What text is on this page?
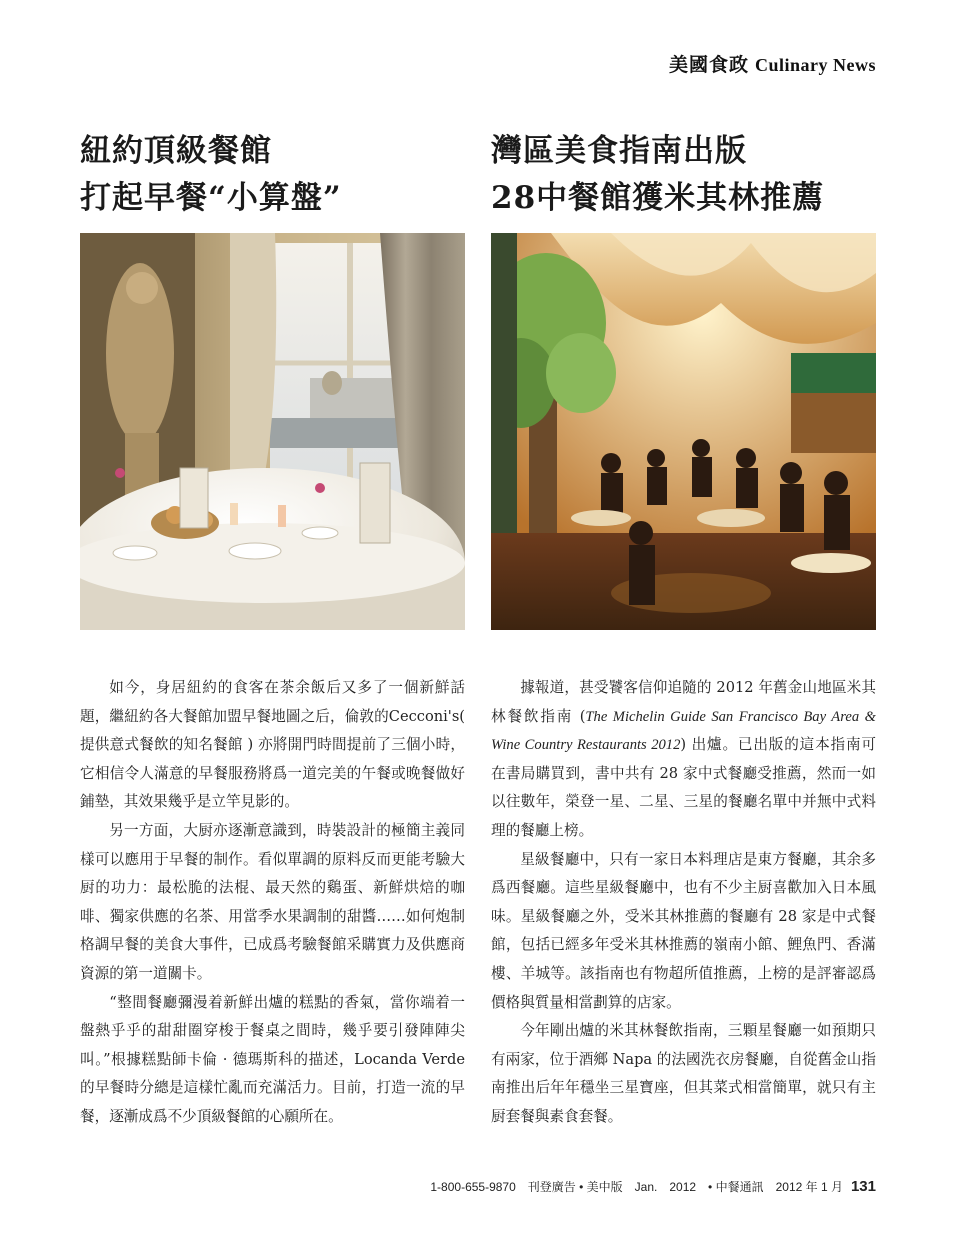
美國食政 Culinary News
紐約頂級餐館
打起早餐“小算盤”
灣區美食指南出版
28中餐館獲米其林推薦

如今，身居紐約的食客在茶余飯后又多了一個新鮮話題，繼紐約各大餐館加盟早餐地圖之后，倫敦的Cecconi's( 提供意式餐飲的知名餐館 ) 亦將開門時間提前了三個小時，它相信令人滿意的早餐服務將爲一道完美的午餐或晚餐做好鋪墊，其效果幾乎是立竿見影的。

另一方面，大厨亦逐漸意識到，時裝設計的極簡主義同樣可以應用于早餐的制作。看似單調的原料反而更能考驗大厨的功力：最松脆的法棍、最天然的鷄蛋、新鮮烘焙的咖啡、獨家供應的名茶、用當季水果調制的甜醬……如何炮制格調早餐的美食大事件，已成爲考驗餐館采購實力及供應商資源的第一道關卡。

“整間餐廳彌漫着新鮮出爐的糕點的香氣，當你端着一盤熱乎乎的甜甜圈穿梭于餐桌之間時，幾乎要引發陣陣尖叫。”根據糕點師卡倫 · 德瑪斯科的描述，Locanda Verde 的早餐時分總是這樣忙亂而充滿活力。目前，打造一流的早餐，逐漸成爲不少頂級餐館的心願所在。

據報道，甚受饕客信仰追隨的 2012 年舊金山地區米其林餐飲指南 (The Michelin Guide San Francisco Bay Area & Wine Country Restaurants 2012) 出爐。已出版的這本指南可在書局購買到，書中共有 28 家中式餐廳受推薦，然而一如以往數年，榮登一星、二星、三星的餐廳名單中并無中式料理的餐廳上榜。

星級餐廳中，只有一家日本料理店是東方餐廳，其余多爲西餐廳。這些星級餐廳中，也有不少主厨喜歡加入日本風味。星級餐廳之外，受米其林推薦的餐廳有 28 家是中式餐館，包括已經多年受米其林推薦的嶺南小館、鯉魚門、香滿樓、羊城等。該指南也有物超所值推薦，上榜的是評審認爲價格與質量相當劃算的店家。

今年剛出爐的米其林餐飲指南，三顆星餐廳一如預期只有兩家，位于酒鄉 Napa 的法國洗衣房餐廳，自從舊金山指南推出后年年穩坐三星寶座，但其菜式相當簡單，就只有主厨套餐與素食套餐。

1-800-655-9870 刊登廣告 • 美中版 Jan. 2012 • 中餐通訊 2012 年 1 月 131
